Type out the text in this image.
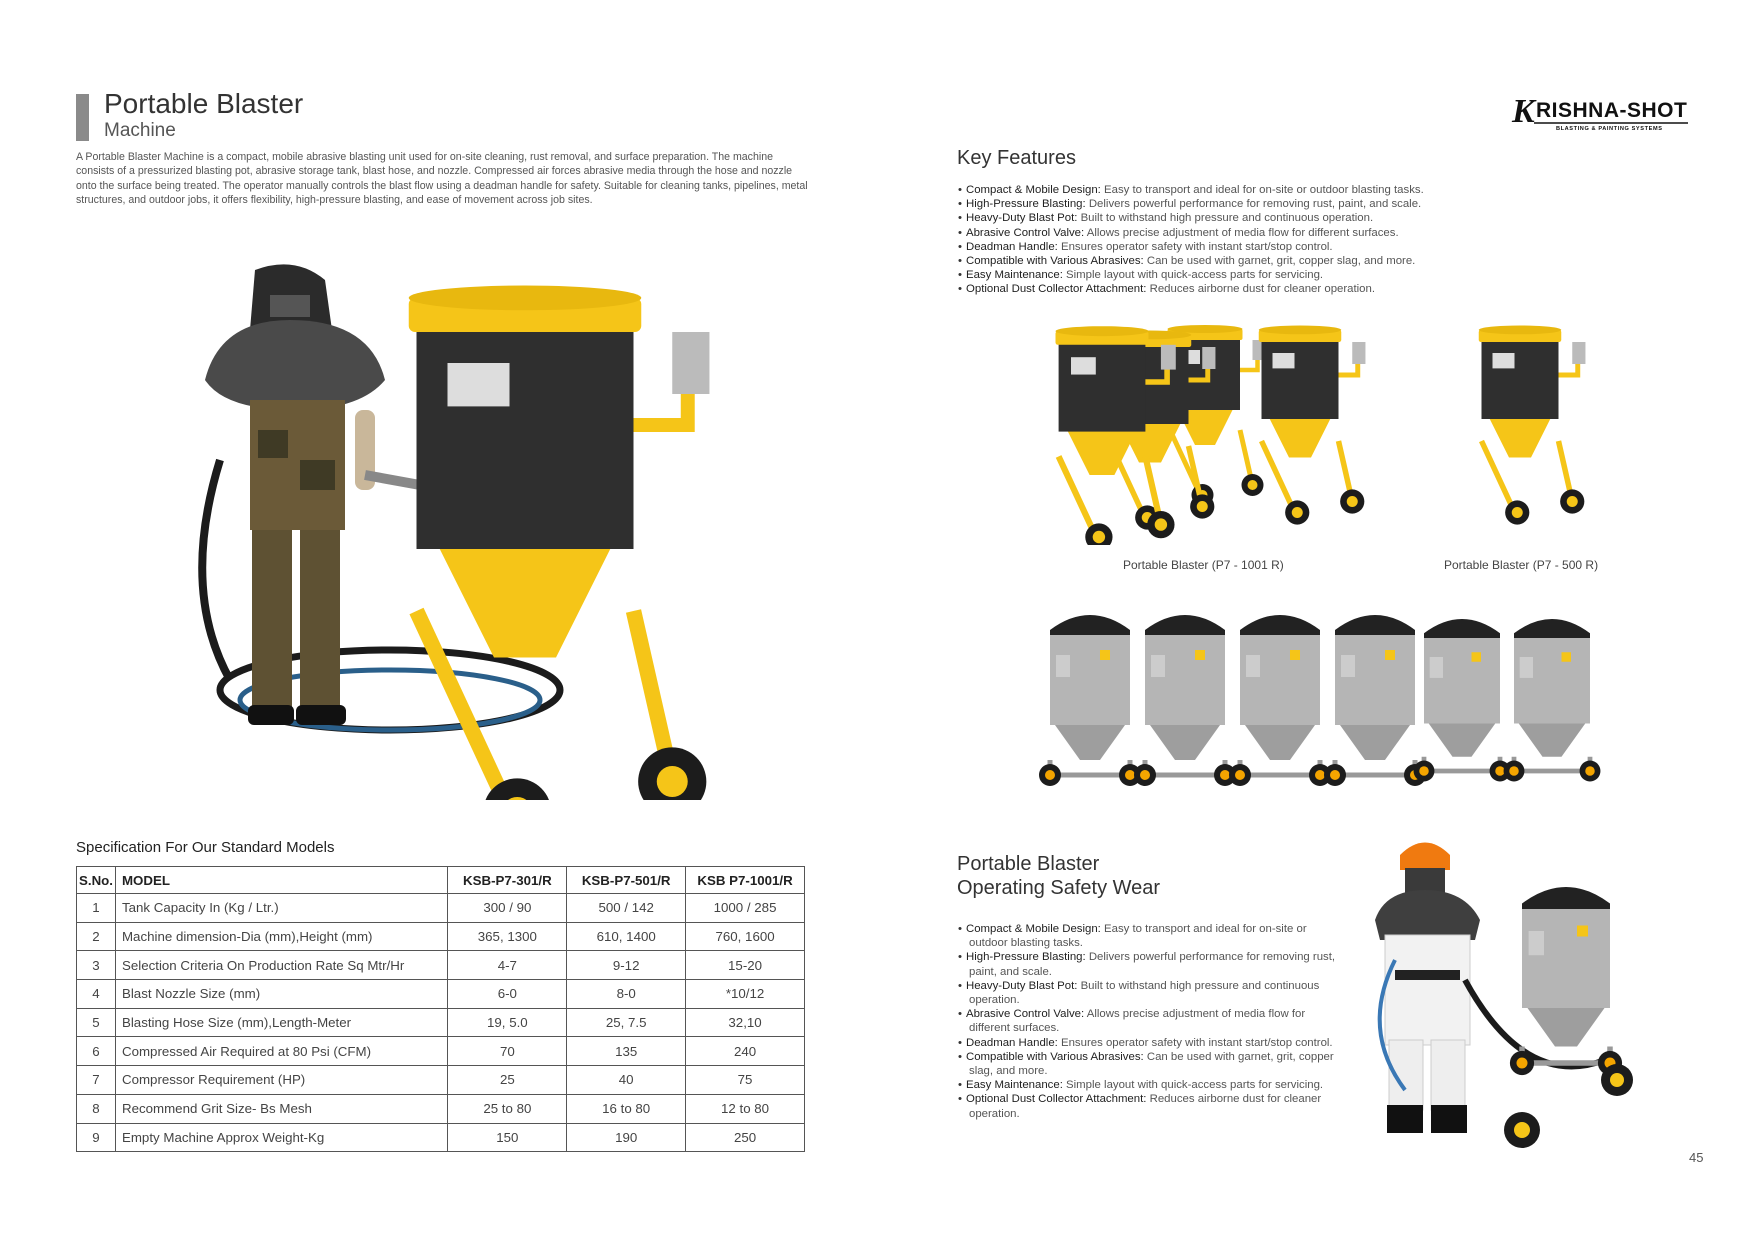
Portable Blaster
Machine
A Portable Blaster Machine is a compact, mobile abrasive blasting unit used for on-site cleaning, rust removal, and surface preparation. The machine consists of a pressurized blasting pot, abrasive storage tank, blast hose, and nozzle. Compressed air forces abrasive media through the hose and nozzle onto the surface being treated. The operator manually controls the blast flow using a deadman handle for safety. Suitable for cleaning tanks, pipelines, metal structures, and outdoor jobs, it offers flexibility, high-pressure blasting, and ease of movement across job sites.
K RISHNA-SHOT
BLASTING & PAINTING SYSTEMS
Key Features
• Compact & Mobile Design: Easy to transport and ideal for on-site or outdoor blasting tasks.
• High-Pressure Blasting: Delivers powerful performance for removing rust, paint, and scale.
• Heavy-Duty Blast Pot: Built to withstand high pressure and continuous operation.
• Abrasive Control Valve: Allows precise adjustment of media flow for different surfaces.
• Deadman Handle: Ensures operator safety with instant start/stop control.
• Compatible with Various Abrasives: Can be used with garnet, grit, copper slag, and more.
• Easy Maintenance: Simple layout with quick-access parts for servicing.
• Optional Dust Collector Attachment: Reduces airborne dust for cleaner operation.
Portable Blaster (P7 - 1001 R)	Portable Blaster (P7 - 500 R)
Specification For Our Standard Models
S.No.	MODEL	KSB-P7-301/R	KSB-P7-501/R	KSB P7-1001/R
1	Tank Capacity In (Kg / Ltr.)	300 / 90	500 / 142	1000 / 285
2	Machine dimension-Dia (mm),Height (mm)	365, 1300	610, 1400	760, 1600
3	Selection Criteria On Production Rate Sq Mtr/Hr	4-7	9-12	15-20
4	Blast Nozzle Size (mm)	6-0	8-0	*10/12
5	Blasting Hose Size (mm),Length-Meter	19, 5.0	25, 7.5	32,10
6	Compressed Air Required at 80 Psi (CFM)	70	135	240
7	Compressor Requirement (HP)	25	40	75
8	Recommend Grit Size- Bs Mesh	25 to 80	16 to 80	12 to 80
9	Empty Machine Approx Weight-Kg	150	190	250
Portable Blaster
Operating Safety Wear
• Compact & Mobile Design: Easy to transport and ideal for on-site or outdoor blasting tasks.
• High-Pressure Blasting: Delivers powerful performance for removing rust, paint, and scale.
• Heavy-Duty Blast Pot: Built to withstand high pressure and continuous operation.
• Abrasive Control Valve: Allows precise adjustment of media flow for different surfaces.
• Deadman Handle: Ensures operator safety with instant start/stop control.
• Compatible with Various Abrasives: Can be used with garnet, grit, copper slag, and more.
• Easy Maintenance: Simple layout with quick-access parts for servicing.
• Optional Dust Collector Attachment: Reduces airborne dust for cleaner operation.
45
